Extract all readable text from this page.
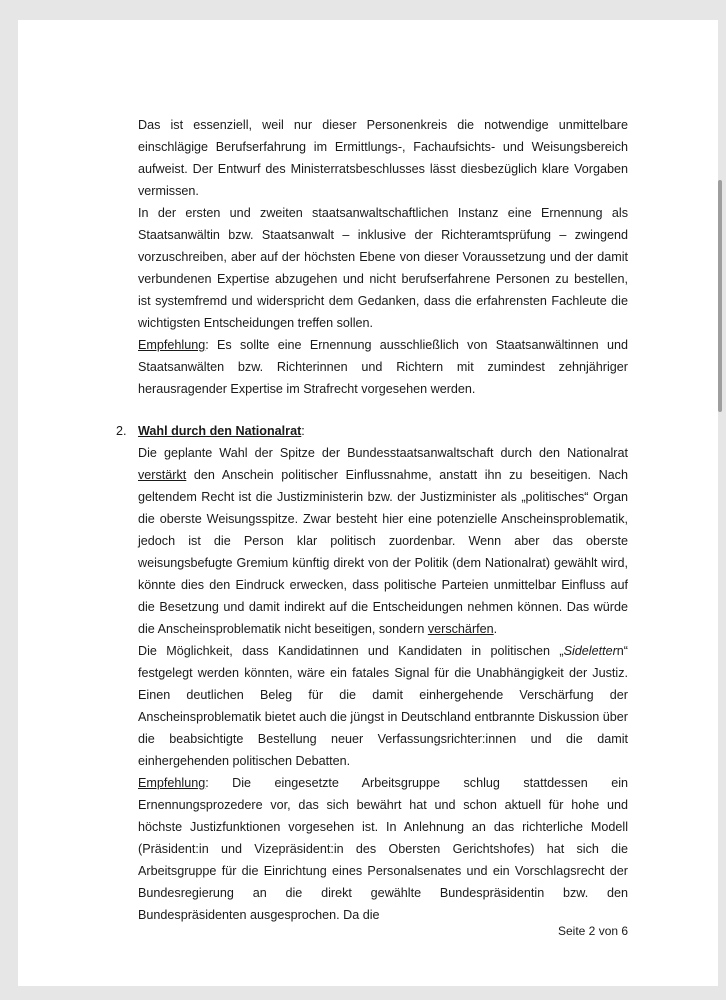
Das ist essenziell, weil nur dieser Personenkreis die notwendige unmittelbare einschlägige Berufserfahrung im Ermittlungs-, Fachaufsichts- und Weisungsbereich aufweist. Der Entwurf des Ministerratsbeschlusses lässt diesbezüglich klare Vorgaben vermissen.

In der ersten und zweiten staatsanwaltschaftlichen Instanz eine Ernennung als Staatsanwältin bzw. Staatsanwalt – inklusive der Richteramtsprüfung – zwingend vorzuschreiben, aber auf der höchsten Ebene von dieser Voraussetzung und der damit verbundenen Expertise abzugehen und nicht berufserfahrene Personen zu bestellen, ist systemfremd und widerspricht dem Gedanken, dass die erfahrensten Fachleute die wichtigsten Entscheidungen treffen sollen.

Empfehlung: Es sollte eine Ernennung ausschließlich von Staatsanwältinnen und Staatsanwälten bzw. Richterinnen und Richtern mit zumindest zehnjähriger herausragender Expertise im Strafrecht vorgesehen werden.

2. Wahl durch den Nationalrat:

Die geplante Wahl der Spitze der Bundesstaatsanwaltschaft durch den Nationalrat verstärkt den Anschein politischer Einflussnahme, anstatt ihn zu beseitigen. Nach geltendem Recht ist die Justizministerin bzw. der Justizminister als „politisches“ Organ die oberste Weisungsspitze. Zwar besteht hier eine potenzielle Anscheinsproblematik, jedoch ist die Person klar politisch zuordenbar. Wenn aber das oberste weisungsbefugte Gremium künftig direkt von der Politik (dem Nationalrat) gewählt wird, könnte dies den Eindruck erwecken, dass politische Parteien unmittelbar Einfluss auf die Besetzung und damit indirekt auf die Entscheidungen nehmen können. Das würde die Anscheinsproblematik nicht beseitigen, sondern verschärfen.

Die Möglichkeit, dass Kandidatinnen und Kandidaten in politischen „Sidelettern“ festgelegt werden könnten, wäre ein fatales Signal für die Unabhängigkeit der Justiz. Einen deutlichen Beleg für die damit einhergehende Verschärfung der Anscheinsproblematik bietet auch die jüngst in Deutschland entbrannte Diskussion über die beabsichtigte Bestellung neuer Verfassungsrichter:innen und die damit einhergehenden politischen Debatten.

Empfehlung: Die eingesetzte Arbeitsgruppe schlug stattdessen ein Ernennungsprozedere vor, das sich bewährt hat und schon aktuell für hohe und höchste Justizfunktionen vorgesehen ist. In Anlehnung an das richterliche Modell (Präsident:in und Vizepräsident:in des Obersten Gerichtshofes) hat sich die Arbeitsgruppe für die Einrichtung eines Personalsenates und ein Vorschlagsrecht der Bundesregierung an die direkt gewählte Bundespräsidentin bzw. den Bundespräsidenten ausgesprochen. Da die

Seite 2 von 6
